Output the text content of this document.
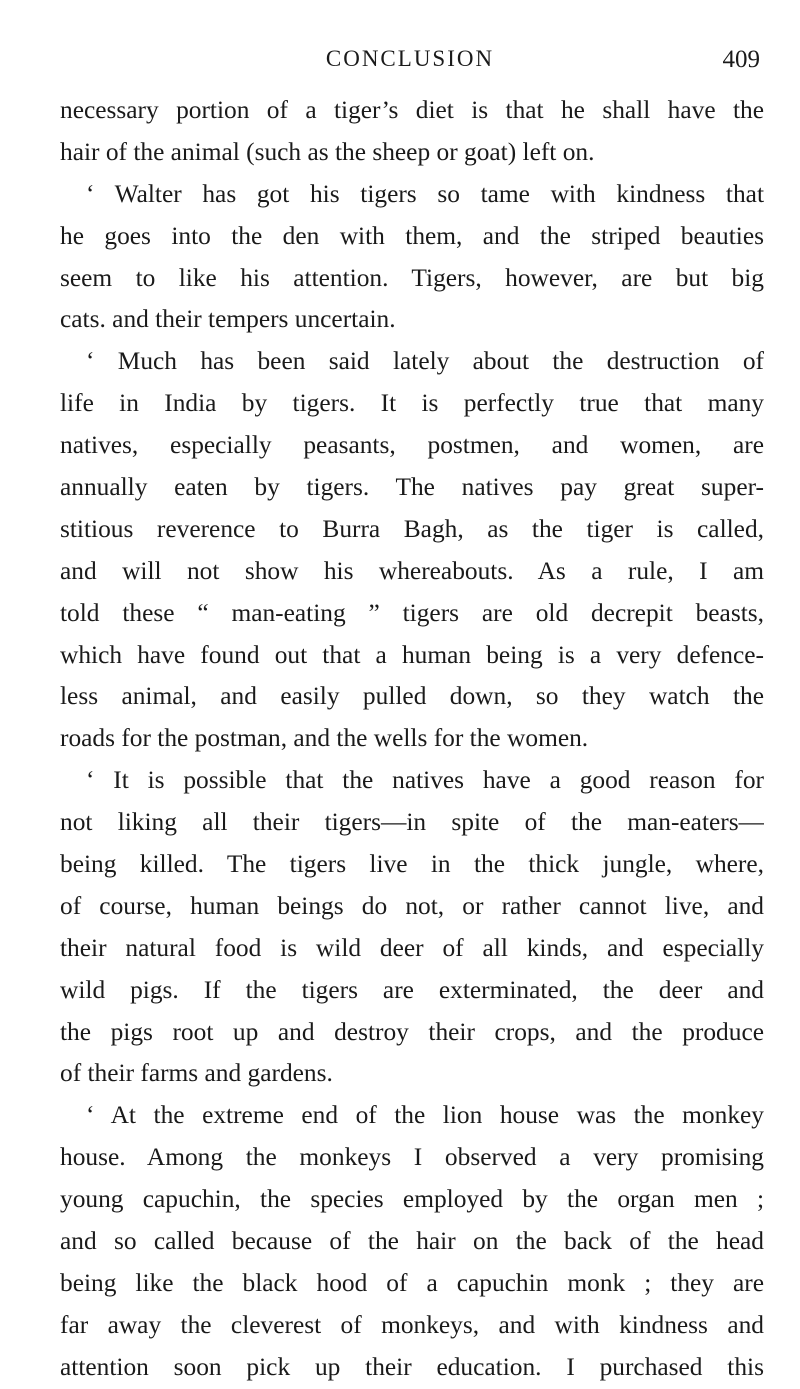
CONCLUSION	409
necessary portion of a tiger’s diet is that he shall have the
hair of the animal (such as the sheep or goat) left on.
‘ Walter has got his tigers so tame with kindness that
he goes into the den with them, and the striped beauties
seem to like his attention. Tigers, however, are but big
cats. and their tempers uncertain.
‘ Much has been said lately about the destruction of
life in India by tigers. It is perfectly true that many
natives, especially peasants, postmen, and women, are
annually eaten by tigers. The natives pay great super-
stitious reverence to Burra Bagh, as the tiger is called,
and will not show his whereabouts. As a rule, I am
told these “ man-eating ” tigers are old decrepit beasts,
which have found out that a human being is a very defence-
less animal, and easily pulled down, so they watch the
roads for the postman, and the wells for the women.
‘ It is possible that the natives have a good reason for
not liking all their tigers—in spite of the man-eaters—
being killed. The tigers live in the thick jungle, where,
of course, human beings do not, or rather cannot live, and
their natural food is wild deer of all kinds, and especially
wild pigs. If the tigers are exterminated, the deer and
the pigs root up and destroy their crops, and the produce
of their farms and gardens.
‘ At the extreme end of the lion house was the monkey
house. Among the monkeys I observed a very promising
young capuchin, the species employed by the organ men ;
and so called because of the hair on the back of the head
being like the black hood of a capuchin monk ; they are
far away the cleverest of monkeys, and with kindness and
attention soon pick up their education. I purchased this
